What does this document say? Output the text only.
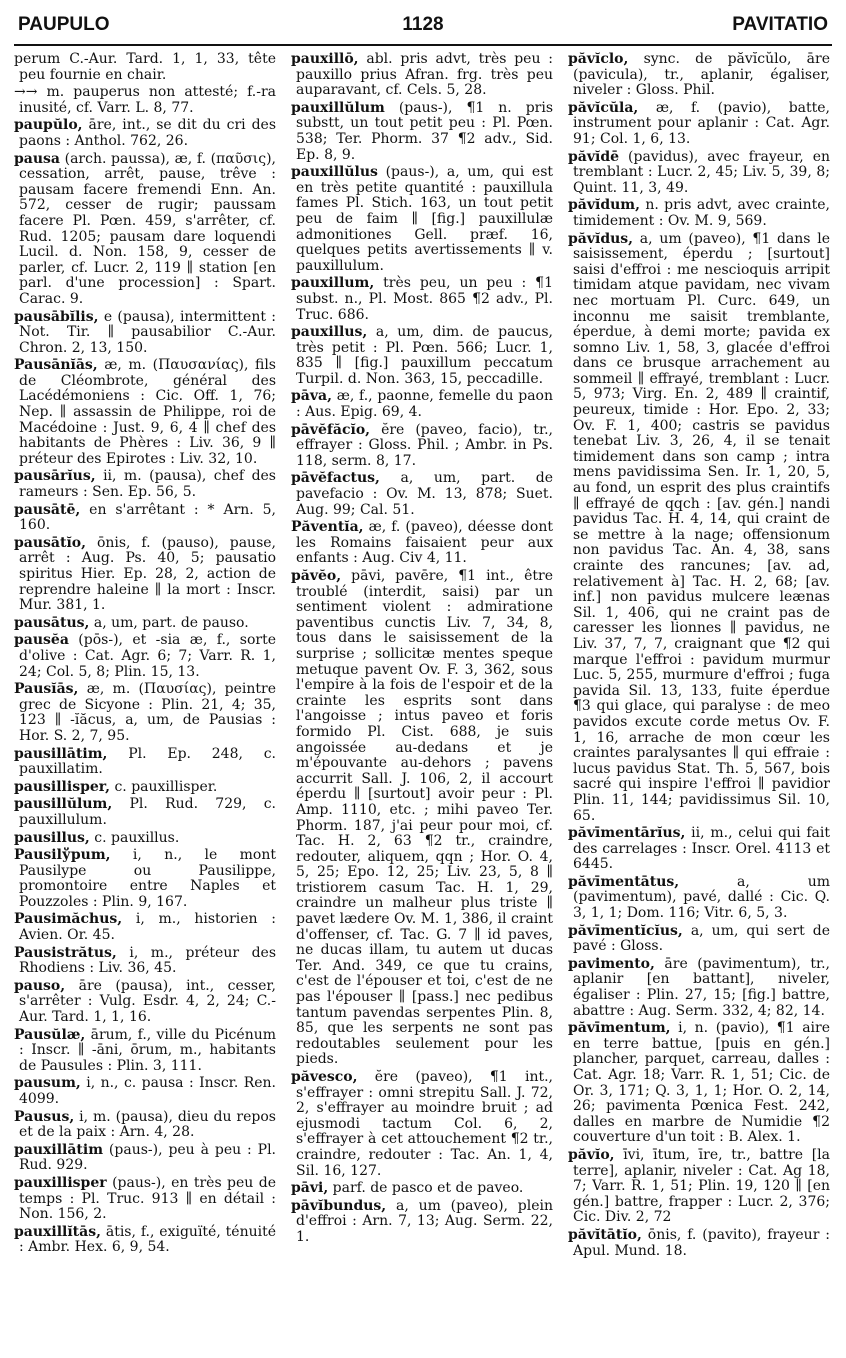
PAUPULO	1128	PAVITATIO

perum C.-Aur. Tard. 1, 1, 33, tête peu fournie en chair.

→→ m. pauperus non attesté; f.-ra inusité, cf. Varr. L. 8, 77.

paupŭlo, āre, int., se dit du cri des paons : Anthol. 762, 26.

pausa (arch. paussa), æ, f. (παῦσις), cessation, arrêt, pause, trêve : pausam facere fremendi Enn. An. 572, cesser de rugir; paussam facere Pl. Pœn. 459, s'arrêter, cf. Rud. 1205; pausam dare loquendi Lucil. d. Non. 158, 9, cesser de parler, cf. Lucr. 2, 119 ∥ station [en parl. d'une procession] : Spart. Carac. 9.

pausābĭlis, e (pausa), intermittent : Not. Tir. ∥ pausabilior C.-Aur. Chron. 2, 13, 150.

Pausānĭās, æ, m. (Παυσανίας), fils de Cléombrote, général des Lacédémoniens : Cic. Off. 1, 76; Nep. ∥ assassin de Philippe, roi de Macédoine : Just. 9, 6, 4 ∥ chef des habitants de Phères : Liv. 36, 9 ∥ préteur des Epirotes : Liv. 32, 10.

pausārĭus, ii, m. (pausa), chef des rameurs : Sen. Ep. 56, 5.

pausātē, en s'arrêtant : * Arn. 5, 160.

pausātĭo, ōnis, f. (pauso), pause, arrêt : Aug. Ps. 40, 5; pausatio spiritus Hier. Ep. 28, 2, action de reprendre haleine ∥ la mort : Inscr. Mur. 381, 1.

pausātus, a, um, part. de pauso.

pausĕa (pōs-), et -sia æ, f., sorte d'olive : Cat. Agr. 6; 7; Varr. R. 1, 24; Col. 5, 8; Plin. 15, 13.

Pausĭās, æ, m. (Παυσίας), peintre grec de Sicyone : Plin. 21, 4; 35, 123 ∥ -ĭăcus, a, um, de Pausias : Hor. S. 2, 7, 95.

pausillātim, Pl. Ep. 248, c. pauxillatim.

pausillisper, c. pauxillisper.

pausillŭlum, Pl. Rud. 729, c. pauxillulum.

pausillus, c. pauxillus.

Pausilўpum, i, n., le mont Pausilype ou Pausilippe, promontoire entre Naples et Pouzzoles : Plin. 9, 167.

Pausimăchus, i, m., historien : Avien. Or. 45.

Pausistrătus, i, m., préteur des Rhodiens : Liv. 36, 45.

pauso, āre (pausa), int., cesser, s'arrêter : Vulg. Esdr. 4, 2, 24; C.-Aur. Tard. 1, 1, 16.

Pausŭlæ, ārum, f., ville du Picénum : Inscr. ∥ -āni, ōrum, m., habitants de Pausules : Plin. 3, 111.

pausum, i, n., c. pausa : Inscr. Ren. 4099.

Pausus, i, m. (pausa), dieu du repos et de la paix : Arn. 4, 28.

pauxillātim (paus-), peu à peu : Pl. Rud. 929.

pauxillisper (paus-), en très peu de temps : Pl. Truc. 913 ∥ en détail : Non. 156, 2.

pauxillĭtās, ātis, f., exiguïté, ténuité : Ambr. Hex. 6, 9, 54.

pauxillō, abl. pris advt, très peu : pauxillo prius Afran. frg. très peu auparavant, cf. Cels. 5, 28.

pauxillŭlum (paus-), ¶1 n. pris substt, un tout petit peu : Pl. Pœn. 538; Ter. Phorm. 37 ¶2 adv., Sid. Ep. 8, 9.

pauxillŭlus (paus-), a, um, qui est en très petite quantité : pauxillula fames Pl. Stich. 163, un tout petit peu de faim ∥ [fig.] pauxillulæ admonitiones Gell. præf. 16, quelques petits avertissements ∥ v. pauxillulum.

pauxillum, très peu, un peu : ¶1 subst. n., Pl. Most. 865 ¶2 adv., Pl. Truc. 686.

pauxillus, a, um, dim. de paucus, très petit : Pl. Pœn. 566; Lucr. 1, 835 ∥ [fig.] pauxillum peccatum Turpil. d. Non. 363, 15, peccadille.

pāva, æ, f., paonne, femelle du paon : Aus. Epig. 69, 4.

pāvĕfăcĭo, ĕre (paveo, facio), tr., effrayer : Gloss. Phil. ; Ambr. in Ps. 118, serm. 8, 17.

pāvĕfactus, a, um, part. de pavefacio : Ov. M. 13, 878; Suet. Aug. 99; Cal. 51.

Păventĭa, æ, f. (paveo), déesse dont les Romains faisaient peur aux enfants : Aug. Civ 4, 11.

păvĕo, pāvi, pavēre, ¶1 int., être troublé (interdit, saisi) par un sentiment violent : admiratione paventibus cunctis Liv. 7, 34, 8, tous dans le saisissement de la surprise ; sollicitæ mentes speque metuque pavent Ov. F. 3, 362, sous l'empire à la fois de l'espoir et de la crainte les esprits sont dans l'angoisse ; intus paveo et foris formido Pl. Cist. 688, je suis angoissée au-dedans et je m'épouvante au-dehors ; pavens accurrit Sall. J. 106, 2, il accourt éperdu ∥ [surtout] avoir peur : Pl. Amp. 1110, etc. ; mihi paveo Ter. Phorm. 187, j'ai peur pour moi, cf. Tac. H. 2, 63 ¶2 tr., craindre, redouter, aliquem, qqn ; Hor. O. 4, 5, 25; Epo. 12, 25; Liv. 23, 5, 8 ∥ tristiorem casum Tac. H. 1, 29, craindre un malheur plus triste ∥ pavet lædere Ov. M. 1, 386, il craint d'offenser, cf. Tac. G. 7 ∥ id paves, ne ducas illam, tu autem ut ducas Ter. And. 349, ce que tu crains, c'est de l'épouser et toi, c'est de ne pas l'épouser ∥ [pass.] nec pedibus tantum pavendas serpentes Plin. 8, 85, que les serpents ne sont pas redoutables seulement pour les pieds.

păvesco, ĕre (paveo), ¶1 int., s'effrayer : omni strepitu Sall. J. 72, 2, s'effrayer au moindre bruit ; ad ejusmodi tactum Col. 6, 2, s'effrayer à cet attouchement ¶2 tr., craindre, redouter : Tac. An. 1, 4, Sil. 16, 127.

pāvi, parf. de pasco et de paveo.

pāvĭbundus, a, um (paveo), plein d'effroi : Arn. 7, 13; Aug. Serm. 22, 1.

păvĭclo, sync. de păvĭcŭlo, āre (pavicula), tr., aplanir, égaliser, niveler : Gloss. Phil.

păvĭcŭla, æ, f. (pavio), batte, instrument pour aplanir : Cat. Agr. 91; Col. 1, 6, 13.

păvĭdē (pavidus), avec frayeur, en tremblant : Lucr. 2, 45; Liv. 5, 39, 8; Quint. 11, 3, 49.

păvĭdum, n. pris advt, avec crainte, timidement : Ov. M. 9, 569.

păvĭdus, a, um (paveo), ¶1 dans le saisissement, éperdu ; [surtout] saisi d'effroi : me nescioquis arripit timidam atque pavidam, nec vivam nec mortuam Pl. Curc. 649, un inconnu me saisit tremblante, éperdue, à demi morte; pavida ex somno Liv. 1, 58, 3, glacée d'effroi dans ce brusque arrachement au sommeil ∥ effrayé, tremblant : Lucr. 5, 973; Virg. En. 2, 489 ∥ craintif, peureux, timide : Hor. Epo. 2, 33; Ov. F. 1, 400; castris se pavidus tenebat Liv. 3, 26, 4, il se tenait timidement dans son camp ; intra mens pavidissima Sen. Ir. 1, 20, 5, au fond, un esprit des plus craintifs ∥ effrayé de qqch : [av. gén.] nandi pavidus Tac. H. 4, 14, qui craint de se mettre à la nage; offensionum non pavidus Tac. An. 4, 38, sans crainte des rancunes; [av. ad, relativement à] Tac. H. 2, 68; [av. inf.] non pavidus mulcere leænas Sil. 1, 406, qui ne craint pas de caresser les lionnes ∥ pavidus, ne Liv. 37, 7, 7, craignant que ¶2 qui marque l'effroi : pavidum murmur Luc. 5, 255, murmure d'effroi ; fuga pavida Sil. 13, 133, fuite éperdue ¶3 qui glace, qui paralyse : de meo pavidos excute corde metus Ov. F. 1, 16, arrache de mon cœur les craintes paralysantes ∥ qui effraie : lucus pavidus Stat. Th. 5, 567, bois sacré qui inspire l'effroi ∥ pavidior Plin. 11, 144; pavidissimus Sil. 10, 65.

păvīmentārĭus, ii, m., celui qui fait des carrelages : Inscr. Orel. 4113 et 6445.

păvīmentātus,	a, um (pavimentum), pavé, dallé : Cic. Q. 3, 1, 1; Dom. 116; Vitr. 6, 5, 3.

păvīmentĭcĭus, a, um, qui sert de pavé : Gloss.

pavimento, āre (pavimentum), tr., aplanir [en battant], niveler, égaliser : Plin. 27, 15; [fig.] battre, abattre : Aug. Serm. 332, 4; 82, 14.

păvīmentum, i, n. (pavio), ¶1 aire en terre battue, [puis en gén.] plancher, parquet, carreau, dalles : Cat. Agr. 18; Varr. R. 1, 51; Cic. de Or. 3, 171; Q. 3, 1, 1; Hor. O. 2, 14, 26; pavimenta Pœnica Fest. 242, dalles en marbre de Numidie ¶2 couverture d'un toit : B. Alex. 1.

păvĭo, īvi, ītum, īre, tr., battre [la terre], aplanir, niveler : Cat. Ag 18, 7; Varr. R. 1, 51; Plin. 19, 120 ∥ [en gén.] battre, frapper : Lucr. 2, 376; Cic. Div. 2, 72

păvĭtātĭo, ōnis, f. (pavito), frayeur : Apul. Mund. 18.
